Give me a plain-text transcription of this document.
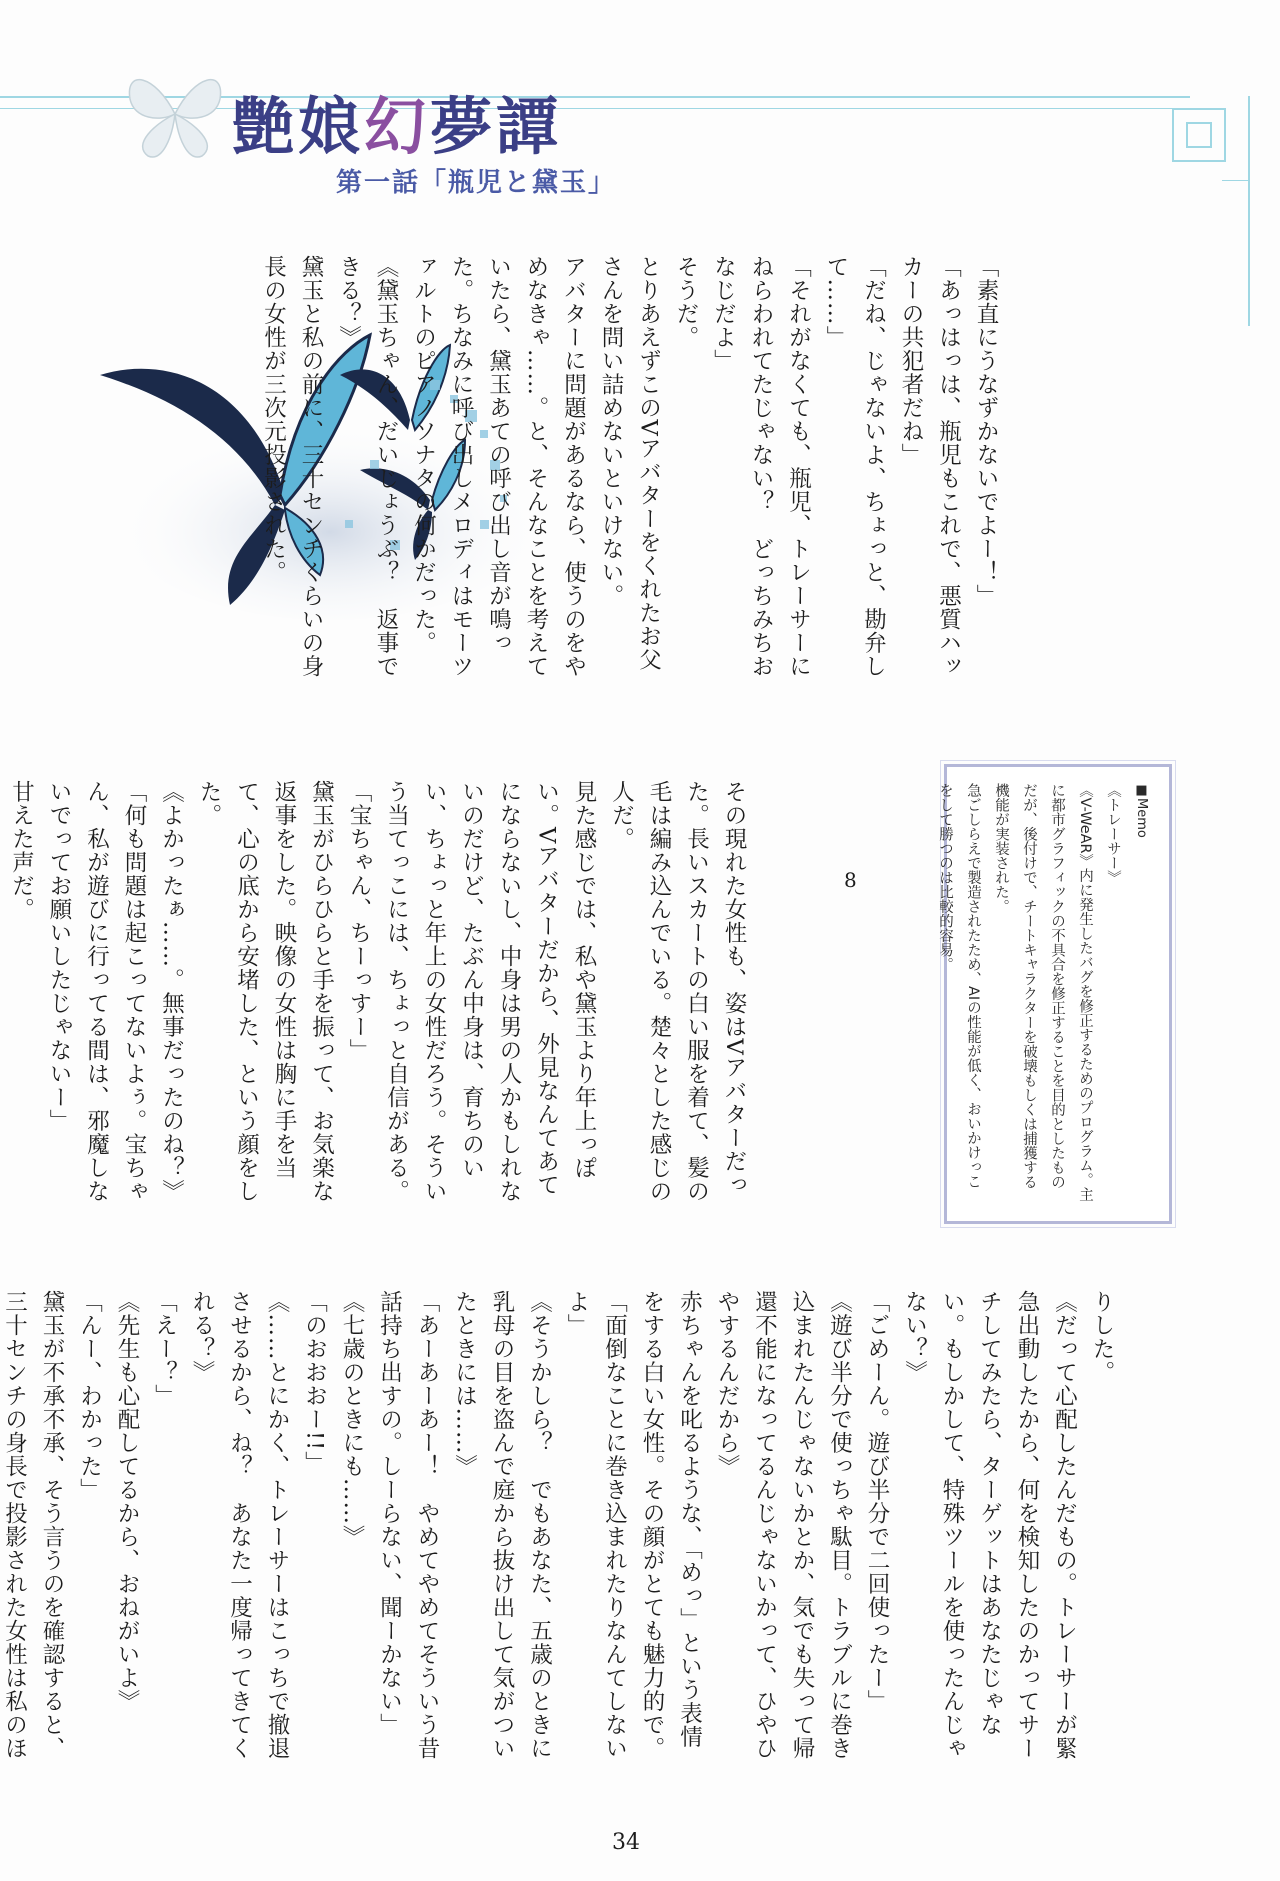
艶娘幻夢譚

第一話「瓶児と黛玉」

「素直にうなずかないでよー！」

「あっはっは、瓶児もこれで、悪質ハッカーの共犯者だね」

「だね、じゃないよ、ちょっと、勘弁して……」

「それがなくても、瓶児、トレーサーにねらわれてたじゃない？　どっちみちおなじだよ」

そうだ。

とりあえずこのVアバターをくれたお父さんを問い詰めないといけない。

アバターに問題があるなら、使うのをやめなきゃ……。と、そんなことを考えていたら、黛玉あての呼び出し音が鳴った。ちなみに呼び出しメロディはモーツァルトのピアノソナタの何かだった。

《黛玉ちゃん、だいじょうぶ？　返事できる？》

黛玉と私の前に、三十センチくらいの身長の女性が三次元投影された。

■Memo

《トレーサー》

《V-WeAR》内に発生したバグを修正するためのプログラム。主に都市グラフィックの不具合を修正することを目的としたものだが、後付けで、チートキャラクターを破壊もしくは捕獲する機能が実装された。

急ごしらえで製造されたため、AIの性能が低く、おいかけっこをして勝つのは比較的容易。

8

その現れた女性も、姿はVアバターだった。長いスカートの白い服を着て、髪の毛は編み込んでいる。楚々とした感じの人だ。

見た感じでは、私や黛玉より年上っぽい。Vアバターだから、外見なんてあてにならないし、中身は男の人かもしれないのだけど、たぶん中身は、育ちのいい、ちょっと年上の女性だろう。そういう当てっこには、ちょっと自信がある。

「宝ちゃん、ちーっすー」

黛玉がひらひらと手を振って、お気楽な返事をした。映像の女性は胸に手を当て、心の底から安堵した、という顔をした。

《よかったぁ……。無事だったのね？》

「何も問題は起こってないよぅ。宝ちゃん、私が遊びに行ってる間は、邪魔しないでってお願いしたじゃないー」

甘えた声だ。

りした。

《だって心配したんだもの。トレーサーが緊急出動したから、何を検知したのかってサーチしてみたら、ターゲットはあなたじゃない。もしかして、特殊ツールを使ったんじゃない？》

「ごめーん。遊び半分で二回使ったー」

《遊び半分で使っちゃ駄目。トラブルに巻き込まれたんじゃないかとか、気でも失って帰還不能になってるんじゃないかって、ひやひやするんだから》

赤ちゃんを叱るような、「めっ」という表情をする白い女性。その顔がとても魅力的で。

「面倒なことに巻き込まれたりなんてしないよ」

《そうかしら？　でもあなた、五歳のときに乳母の目を盗んで庭から抜け出して気がついたときには……》

「あーあーあー！　やめてやめてそういう昔話持ち出すの。しーらない、聞ーかない」

《七歳のときにも……》

「のおおおー!!」

《……とにかく、トレーサーはこっちで撤退させるから、ね？　あなた一度帰ってきてくれる？》

「えー？」

《先生も心配してるから、おねがいよ》

「んー、わかった」

黛玉が不承不承、そう言うのを確認すると、三十センチの身長で投影された女性は私のほ

34
